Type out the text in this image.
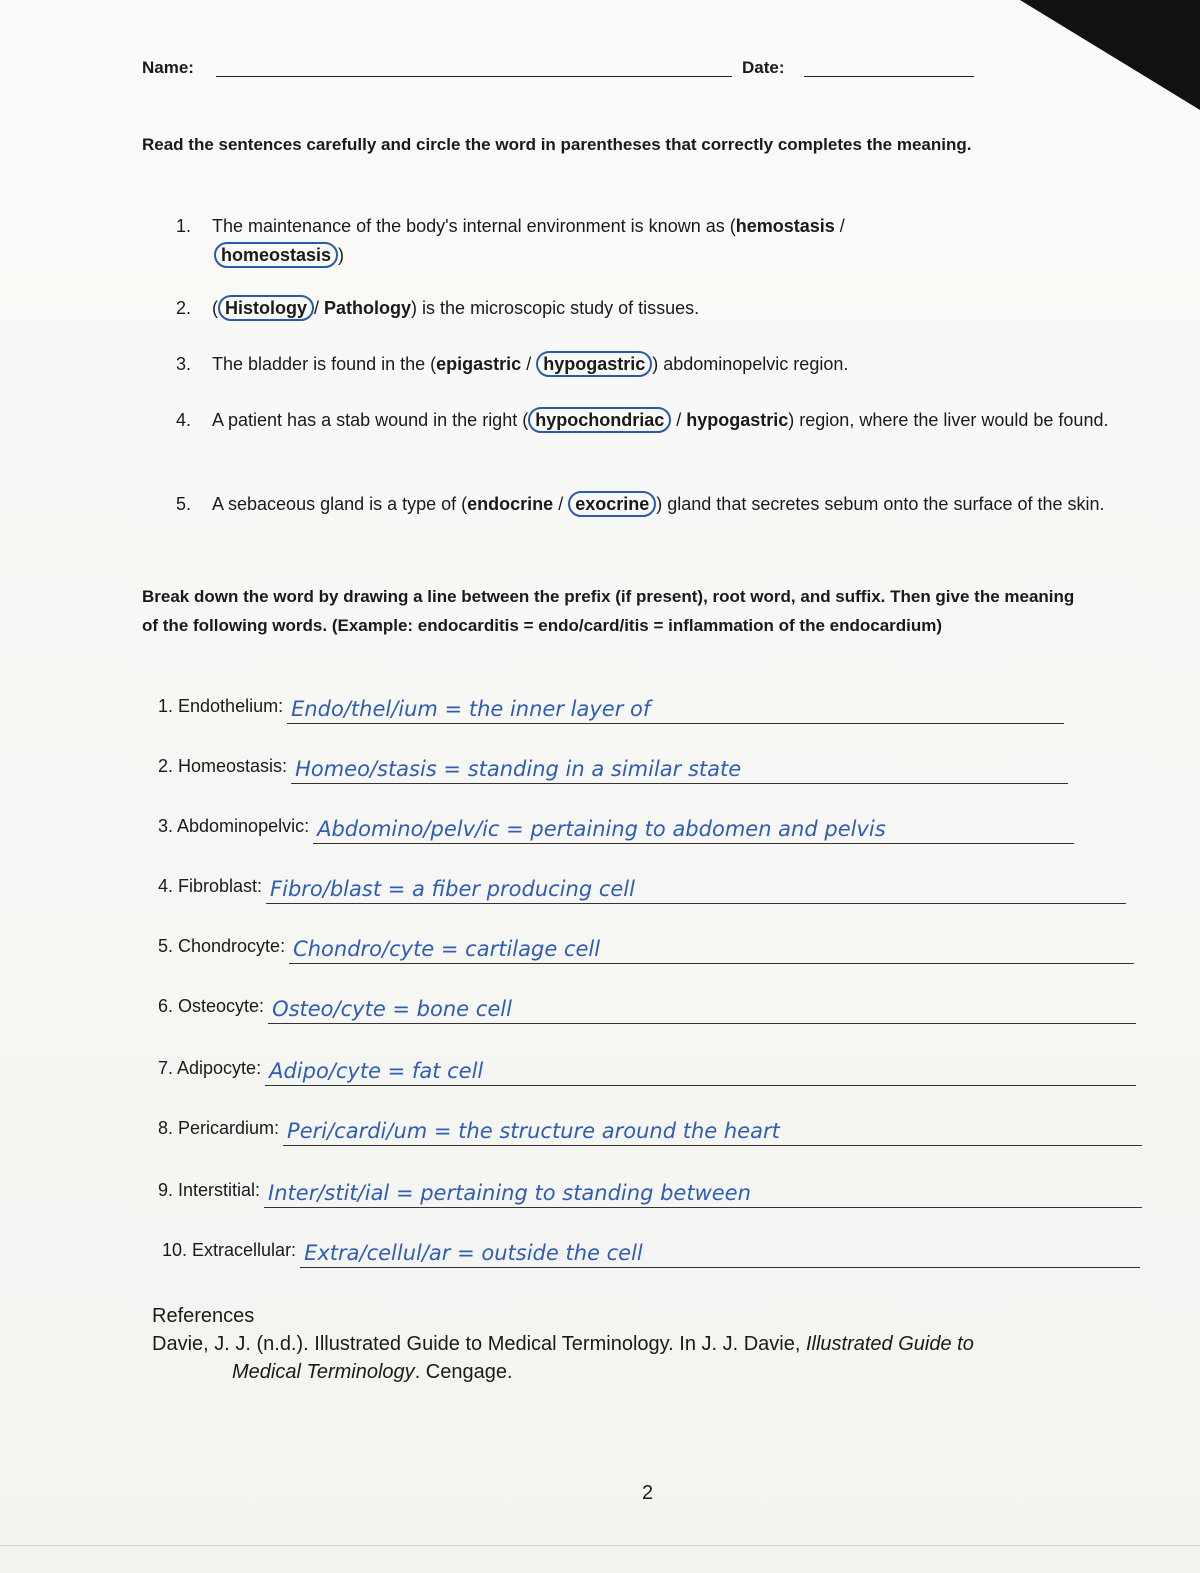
Name:	Date:
Read the sentences carefully and circle the word in parentheses that correctly completes the meaning.
1. The maintenance of the body's internal environment is known as (hemostasis /
homeostasis )
2. ( Histology / Pathology) is the microscopic study of tissues.
3. The bladder is found in the (epigastric / hypogastric ) abdominopelvic region.
4. A patient has a stab wound in the right ( hypochondriac / hypogastric) region, where the liver would be found.
5. A sebaceous gland is a type of (endocrine / exocrine ) gland that secretes sebum onto the surface of the skin.
Break down the word by drawing a line between the prefix (if present), root word, and suffix. Then give the meaning of the following words. (Example: endocarditis = endo/card/itis = inflammation of the endocardium)
1. Endothelium: Endo/thel/ium = the inner layer of
2. Homeostasis: Homeo/stasis = standing in a similar state
3. Abdominopelvic: Abdomino/pelv/ic = pertaining to abdomen and pelvis
4. Fibroblast: Fibro/blast = a fiber producing cell
5. Chondrocyte: Chondro/cyte = cartilage cell
6. Osteocyte: Osteo/cyte = bone cell
7. Adipocyte: Adipo/cyte = fat cell
8. Pericardium: Peri/cardi/um = the structure around the heart
9. Interstitial: Inter/stit/ial = pertaining to standing between
10. Extracellular: Extra/cellul/ar = outside the cell
References
Davie, J. J. (n.d.). Illustrated Guide to Medical Terminology. In J. J. Davie, Illustrated Guide to
Medical Terminology. Cengage.
2
